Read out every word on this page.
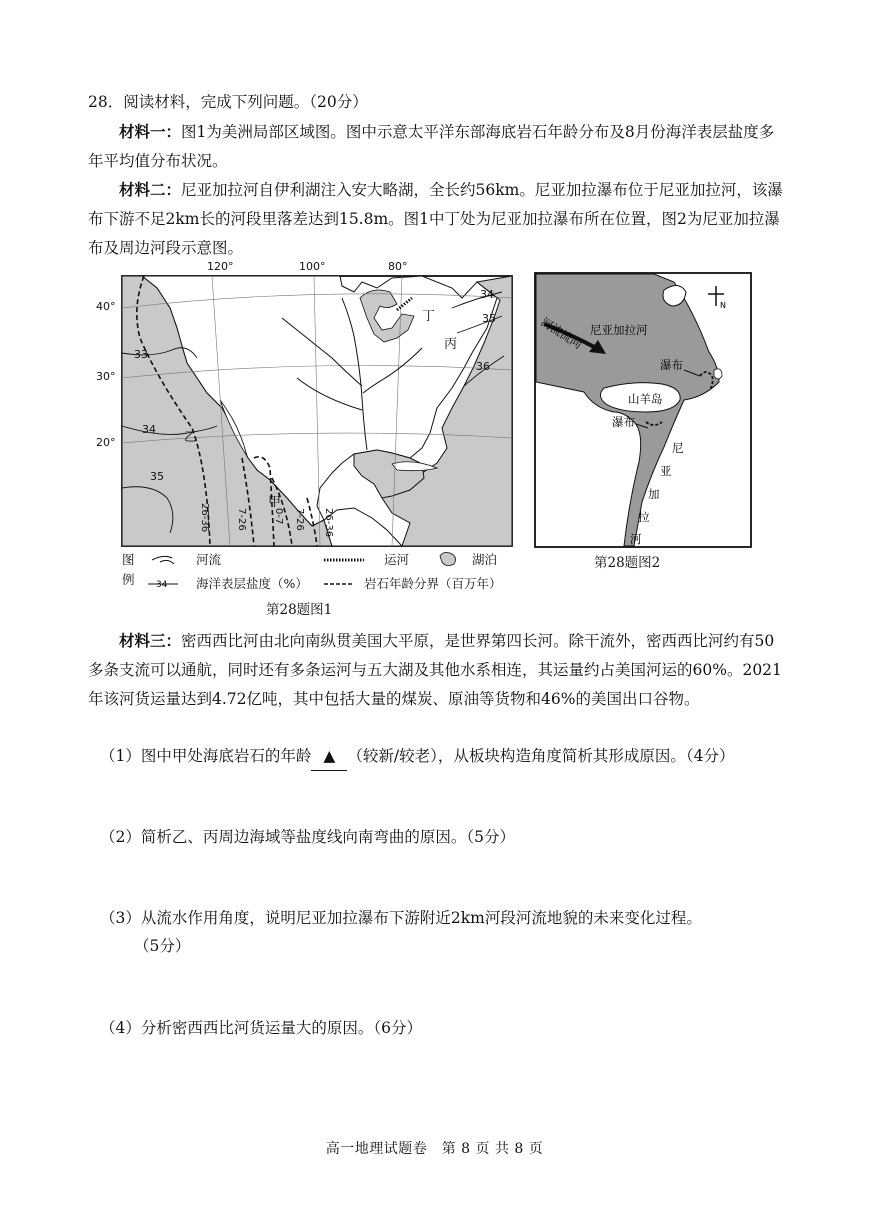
28．阅读材料，完成下列问题。（20分）

材料一：图1为美洲局部区域图。图中示意太平洋东部海底岩石年龄分布及8月份海洋表层盐度多年平均值分布状况。

材料二：尼亚加拉河自伊利湖注入安大略湖，全长约56km。尼亚加拉瀑布位于尼亚加拉河，该瀑布下游不足2km长的河段里落差达到15.8m。图1中丁处为尼亚加拉瀑布所在位置，图2为尼亚加拉瀑布及周边河段示意图。

120°	100°	80°
40°
30°
20°
34
35
36
33
34
35
甲
乙
丙
丁
26-36	7-26	0-7 7-26 26-36
图
例
河流	运河	湖泊
34 海洋表层盐度（%）	岩石年龄分界（百万年）
第28题图1
N
尼亚加拉河
河流流向
瀑布
山羊岛
瀑布
尼
亚
加
拉
河
第28题图2

材料三：密西西比河由北向南纵贯美国大平原，是世界第四长河。除干流外，密西西比河约有50多条支流可以通航，同时还有多条运河与五大湖及其他水系相连，其运量约占美国河运的60%。2021年该河货运量达到4.72亿吨，其中包括大量的煤炭、原油等货物和46%的美国出口谷物。

（1）图中甲处海底岩石的年龄 ▲ （较新/较老），从板块构造角度简析其形成原因。（4分）

（2）简析乙、丙周边海域等盐度线向南弯曲的原因。（5分）

（3）从流水作用角度，说明尼亚加拉瀑布下游附近2km河段河流地貌的未来变化过程。

（5分）

（4）分析密西西比河货运量大的原因。（6分）

高一地理试题卷　第 8 页 共 8 页
